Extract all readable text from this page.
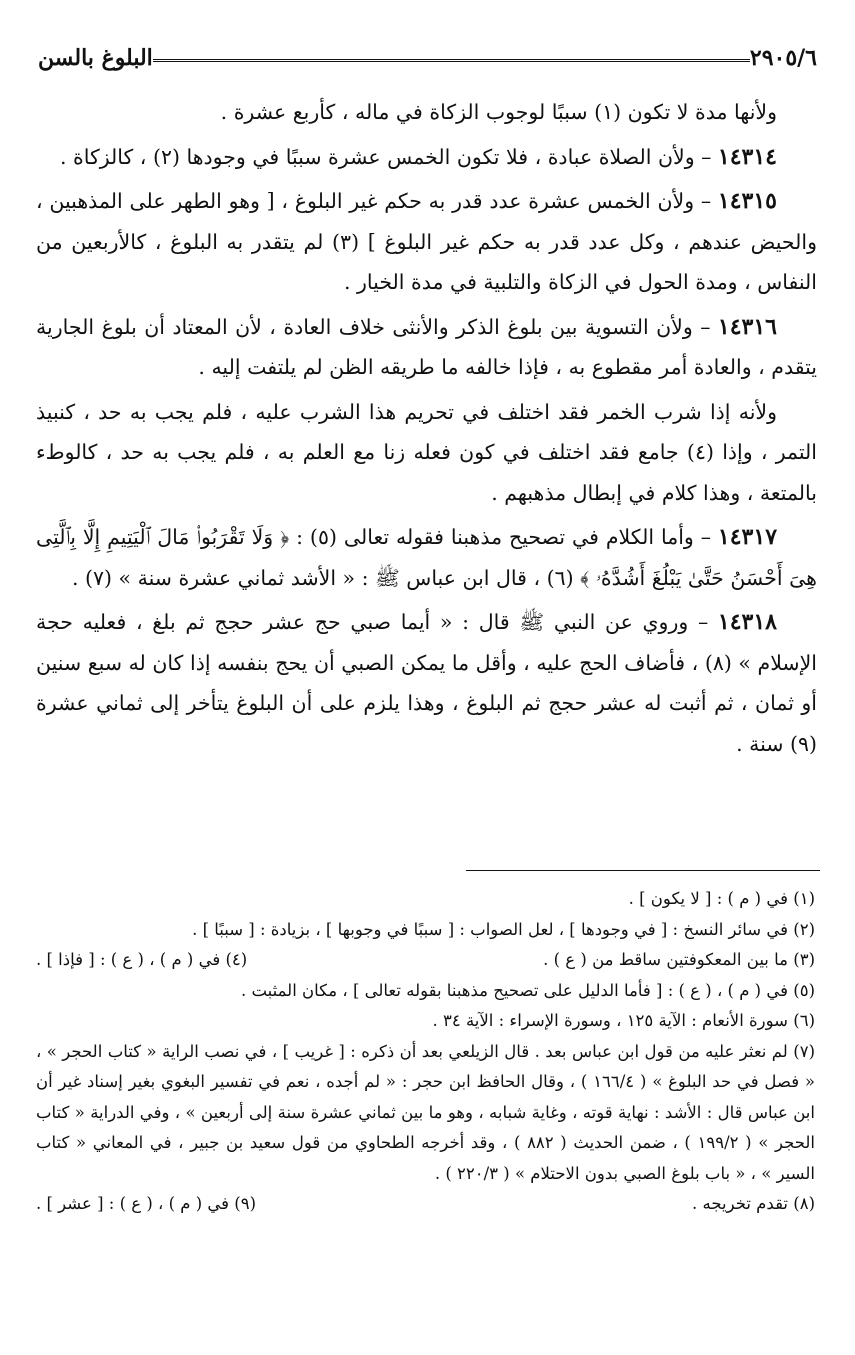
البلوغ بالسن	٢٩٠٥/٦

ولأنها مدة لا تكون (١) سببًا لوجوب الزكاة في ماله ، كأربع عشرة .

١٤٣١٤ – ولأن الصلاة عبادة ، فلا تكون الخمس عشرة سببًا في وجودها (٢) ، كالزكاة .

١٤٣١٥ – ولأن الخمس عشرة عدد قدر به حكم غير البلوغ ، [ وهو الطهر على المذهبين ، والحيض عندهم ، وكل عدد قدر به حكم غير البلوغ ] (٣) لم يتقدر به البلوغ ، كالأربعين من النفاس ، ومدة الحول في الزكاة والتلبية في مدة الخيار .

١٤٣١٦ – ولأن التسوية بين بلوغ الذكر والأنثى خلاف العادة ، لأن المعتاد أن بلوغ الجارية يتقدم ، والعادة أمر مقطوع به ، فإذا خالفه ما طريقه الظن لم يلتفت إليه .

ولأنه إذا شرب الخمر فقد اختلف في تحريم هذا الشرب عليه ، فلم يجب به حد ، كنبيذ التمر ، وإذا (٤) جامع فقد اختلف في كون فعله زنا مع العلم به ، فلم يجب به حد ، كالوطء بالمتعة ، وهذا كلام في إبطال مذهبهم .

١٤٣١٧ – وأما الكلام في تصحيح مذهبنا فقوله تعالى (٥) : ﴿ وَلَا تَقْرَبُوا۟ مَالَ ٱلْيَتِيمِ إِلَّا بِٱلَّتِى هِىَ أَحْسَنُ حَتَّىٰ يَبْلُغَ أَشُدَّهُۥ ﴾ (٦) ، قال ابن عباس ﷺ : « الأشد ثماني عشرة سنة » (٧) .

١٤٣١٨ – وروي عن النبي ﷺ قال : « أيما صبي حج عشر حجج ثم بلغ ، فعليه حجة الإسلام » (٨) ، فأضاف الحج عليه ، وأقل ما يمكن الصبي أن يحج بنفسه إذا كان له سبع سنين أو ثمان ، ثم أثبت له عشر حجج ثم البلوغ ، وهذا يلزم على أن البلوغ يتأخر إلى ثماني عشرة (٩) سنة .

(١) في ( م ) : [ لا يكون ] .

(٢) في سائر النسخ : [ في وجودها ] ، لعل الصواب : [ سببًا في وجوبها ] ، بزيادة : [ سببًا ] .

(٣) ما بين المعكوفتين ساقط من ( ع ) .
(٤) في ( م ) ، ( ع ) : [ فإذا ] .

(٥) في ( م ) ، ( ع ) : [ فأما الدليل على تصحيح مذهبنا بقوله تعالى ] ، مكان المثبت .

(٦) سورة الأنعام : الآية ١٢٥ ، وسورة الإسراء : الآية ٣٤ .

(٧) لم نعثر عليه من قول ابن عباس بعد . قال الزيلعي بعد أن ذكره : [ غريب ] ، في نصب الراية « كتاب الحجر » ، « فصل في حد البلوغ » ( ١٦٦/٤ ) ، وقال الحافظ ابن حجر : « لم أجده ، نعم في تفسير البغوي بغير إسناد غير أن ابن عباس قال : الأشد : نهاية قوته ، وغاية شبابه ، وهو ما بين ثماني عشرة سنة إلى أربعين » ، وفي الدراية « كتاب الحجر » ( ١٩٩/٢ ) ، ضمن الحديث ( ٨٨٢ ) ، وقد أخرجه الطحاوي من قول سعيد بن جبير ، في المعاني « كتاب السير » ، « باب بلوغ الصبي بدون الاحتلام » ( ٢٢٠/٣ ) .

(٨) تقدم تخريجه .
(٩) في ( م ) ، ( ع ) : [ عشر ] .
